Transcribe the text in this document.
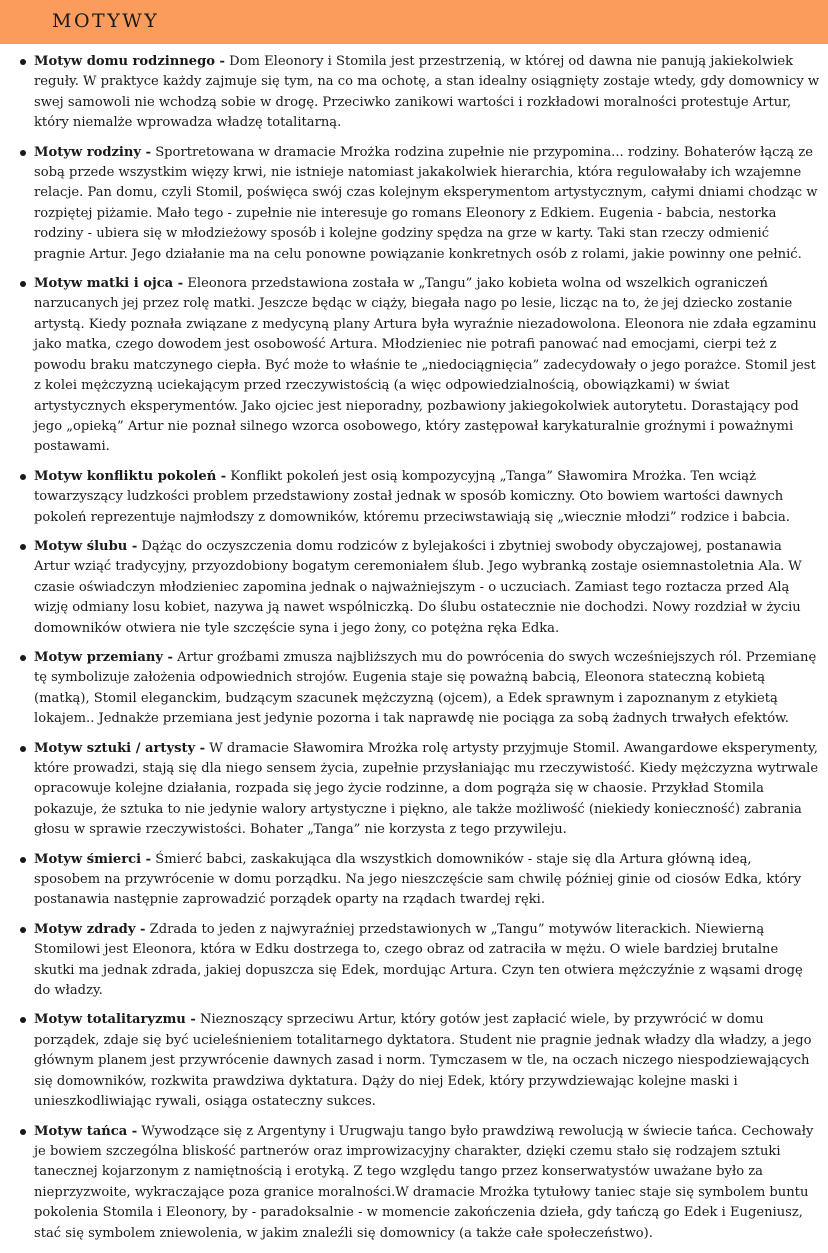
MOTYWY
Motyw domu rodzinnego - Dom Eleonory i Stomila jest przestrzenią, w której od dawna nie panują jakiekolwiek reguły. W praktyce każdy zajmuje się tym, na co ma ochotę, a stan idealny osiągnięty zostaje wtedy, gdy domownicy w swej samowoli nie wchodzą sobie w drogę. Przeciwko zanikowi wartości i rozkładowi moralności protestuje Artur, który niemalże wprowadza władzę totalitarną.
Motyw rodziny - Sportretowana w dramacie Mrożka rodzina zupełnie nie przypomina... rodziny. Bohaterów łączą ze sobą przede wszystkim więzy krwi, nie istnieje natomiast jakakolwiek hierarchia, która regulowałaby ich wzajemne relacje. Pan domu, czyli Stomil, poświęca swój czas kolejnym eksperymentom artystycznym, całymi dniami chodząc w rozpiętej piżamie. Mało tego - zupełnie nie interesuje go romans Eleonory z Edkiem. Eugenia - babcia, nestorka rodziny - ubiera się w młodzieżowy sposób i kolejne godziny spędza na grze w karty. Taki stan rzeczy odmienić pragnie Artur. Jego działanie ma na celu ponowne powiązanie konkretnych osób z rolami, jakie powinny one pełnić.
Motyw matki i ojca - Eleonora przedstawiona została w „Tangu” jako kobieta wolna od wszelkich ograniczeń narzucanych jej przez rolę matki. Jeszcze będąc w ciąży, biegała nago po lesie, licząc na to, że jej dziecko zostanie artystą. Kiedy poznała związane z medycyną plany Artura była wyraźnie niezadowolona. Eleonora nie zdała egzaminu jako matka, czego dowodem jest osobowość Artura. Młodzieniec nie potrafi panować nad emocjami, cierpi też z powodu braku matczynego ciepła. Być może to właśnie te „niedociągnięcia” zadecydowały o jego porażce. Stomil jest z kolei mężczyzną uciekającym przed rzeczywistością (a więc odpowiedzialnością, obowiązkami) w świat artystycznych eksperymentów. Jako ojciec jest nieporadny, pozbawiony jakiegokolwiek autorytetu. Dorastający pod jego „opieką” Artur nie poznał silnego wzorca osobowego, który zastępował karykaturalnie groźnymi i poważnymi postawami.
Motyw konfliktu pokoleń - Konflikt pokoleń jest osią kompozycyjną „Tanga” Sławomira Mrożka. Ten wciąż towarzyszący ludzkości problem przedstawiony został jednak w sposób komiczny. Oto bowiem wartości dawnych pokoleń reprezentuje najmłodszy z domowników, któremu przeciwstawiają się „wiecznie młodzi” rodzice i babcia.
Motyw ślubu - Dążąc do oczyszczenia domu rodziców z bylejakości i zbytniej swobody obyczajowej, postanawia Artur wziąć tradycyjny, przyozdobiony bogatym ceremoniałem ślub. Jego wybranką zostaje osiemnastoletnia Ala. W czasie oświadczyn młodzieniec zapomina jednak o najważniejszym - o uczuciach. Zamiast tego roztacza przed Alą wizję odmiany losu kobiet, nazywa ją nawet wspólniczką. Do ślubu ostatecznie nie dochodzi. Nowy rozdział w życiu domowników otwiera nie tyle szczęście syna i jego żony, co potężna ręka Edka.
Motyw przemiany - Artur groźbami zmusza najbliższych mu do powrócenia do swych wcześniejszych ról. Przemianę tę symbolizuje założenia odpowiednich strojów. Eugenia staje się poważną babcią, Eleonora stateczną kobietą (matką), Stomil eleganckim, budzącym szacunek mężczyzną (ojcem), a Edek sprawnym i zapoznanym z etykietą lokajem.. Jednakże przemiana jest jedynie pozorna i tak naprawdę nie pociąga za sobą żadnych trwałych efektów.
Motyw sztuki / artysty - W dramacie Sławomira Mrożka rolę artysty przyjmuje Stomil. Awangardowe eksperymenty, które prowadzi, stają się dla niego sensem życia, zupełnie przysłaniając mu rzeczywistość. Kiedy mężczyzna wytrwale opracowuje kolejne działania, rozpada się jego życie rodzinne, a dom pogrąża się w chaosie. Przykład Stomila pokazuje, że sztuka to nie jedynie walory artystyczne i piękno, ale także możliwość (niekiedy konieczność) zabrania głosu w sprawie rzeczywistości. Bohater „Tanga” nie korzysta z tego przywileju.
Motyw śmierci - Śmierć babci, zaskakująca dla wszystkich domowników - staje się dla Artura główną ideą, sposobem na przywrócenie w domu porządku. Na jego nieszczęście sam chwilę później ginie od ciosów Edka, który postanawia następnie zaprowadzić porządek oparty na rządach twardej ręki.
Motyw zdrady - Zdrada to jeden z najwyraźniej przedstawionych w „Tangu” motywów literackich. Niewierną Stomilowi jest Eleonora, która w Edku dostrzega to, czego obraz od zatraciła w mężu. O wiele bardziej brutalne skutki ma jednak zdrada, jakiej dopuszcza się Edek, mordując Artura. Czyn ten otwiera mężczyźnie z wąsami drogę do władzy.
Motyw totalitaryzmu - Nieznoszący sprzeciwu Artur, który gotów jest zapłacić wiele, by przywrócić w domu porządek, zdaje się być ucieleśnieniem totalitarnego dyktatora. Student nie pragnie jednak władzy dla władzy, a jego głównym planem jest przywrócenie dawnych zasad i norm. Tymczasem w tle, na oczach niczego niespodziewających się domowników, rozkwita prawdziwa dyktatura. Dąży do niej Edek, który przywdziewając kolejne maski i unieszkodliwiając rywali, osiąga ostateczny sukces.
Motyw tańca - Wywodzące się z Argentyny i Urugwaju tango było prawdziwą rewolucją w świecie tańca. Cechowały je bowiem szczególna bliskość partnerów oraz improwizacyjny charakter, dzięki czemu stało się rodzajem sztuki tanecznej kojarzonym z namiętnością i erotyką. Z tego względu tango przez konserwatystów uważane było za nieprzyzwoite, wykraczające poza granice moralności.W dramacie Mrożka tytułowy taniec staje się symbolem buntu pokolenia Stomila i Eleonory, by - paradoksalnie - w momencie zakończenia dzieła, gdy tańczą go Edek i Eugeniusz, stać się symbolem zniewolenia, w jakim znaleźli się domownicy (a także całe społeczeństwo).
